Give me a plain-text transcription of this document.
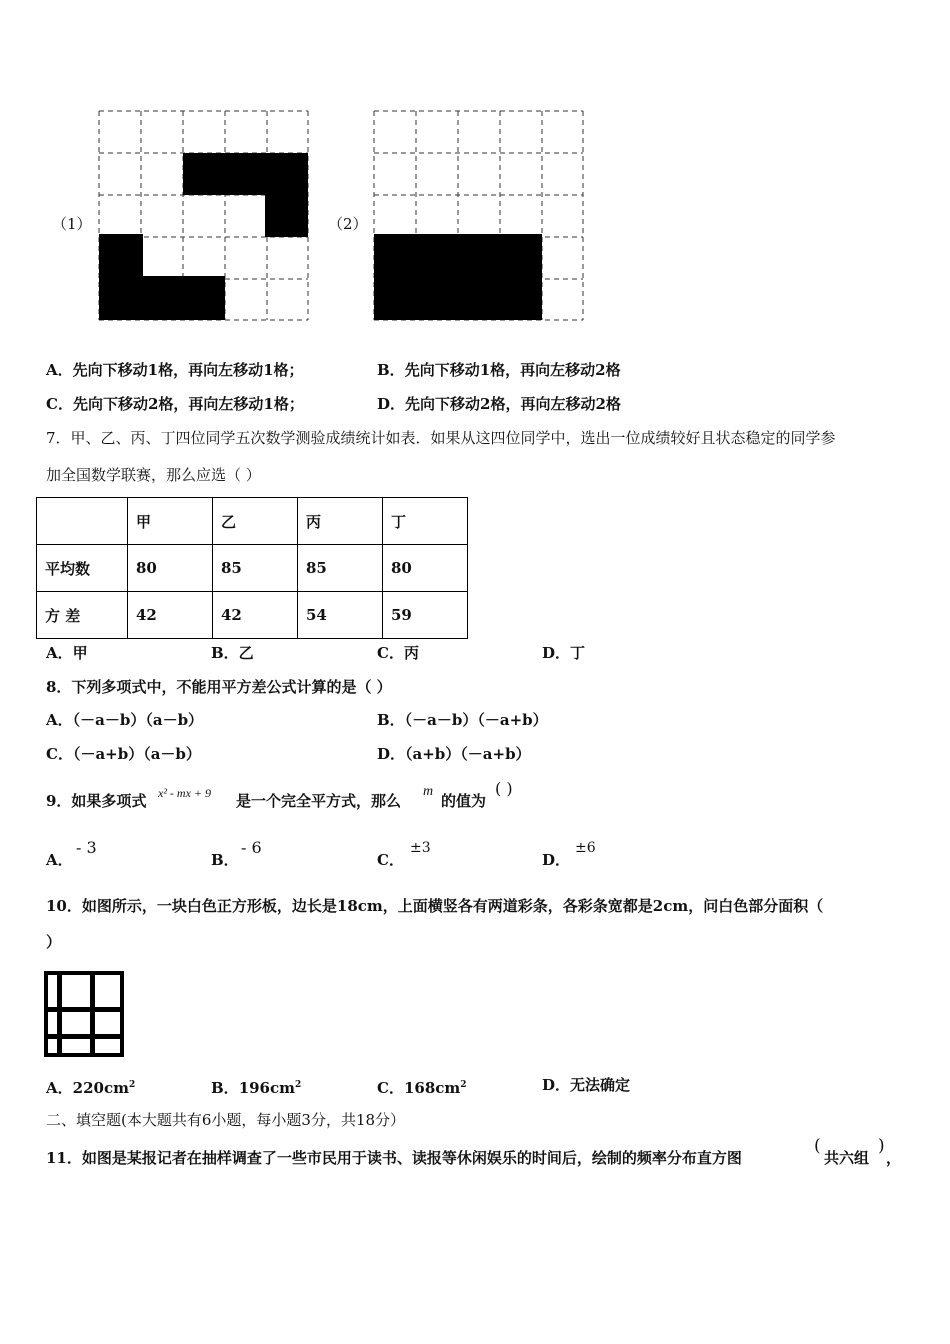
（1）	（2）
A．先向下移动1格，再向左移动1格；	B．先向下移动1格，再向左移动2格
C．先向下移动2格，再向左移动1格；	D．先向下移动2格，再向左移动2格
7．甲、乙、丙、丁四位同学五次数学测验成绩统计如表．如果从这四位同学中，选出一位成绩较好且状态稳定的同学参
加全国数学联赛，那么应选（ ）
	甲	乙	丙	丁
平均数	80	85	85	80
方 差	42	42	54	59
A．甲	B．乙	C．丙	D．丁
8．下列多项式中，不能用平方差公式计算的是（ ）
A．（－a－b）（a－b）	B．（－a－b）（－a+b）
C．（－a+b）（a－b）	D．（a+b）（－a+b）
9．如果多项式 x² - mx + 9 是一个完全平方式，那么
m
的值为
( )
A．
- 3
B．
- 6
C．
±3
D．
±6
10．如图所示，一块白色正方形板，边长是18cm，上面横竖各有两道彩条，各彩条宽都是2cm，问白色部分面积（
）
A．$220cm^2$	B．$196cm^2$	C．$168cm^2$	D．无法确定
二、填空题(本大题共有6小题，每小题3分，共18分）
11．如图是某报记者在抽样调查了一些市民用于读书、读报等休闲娱乐的时间后，绘制的频率分布直方图
(
共六组
)
，
